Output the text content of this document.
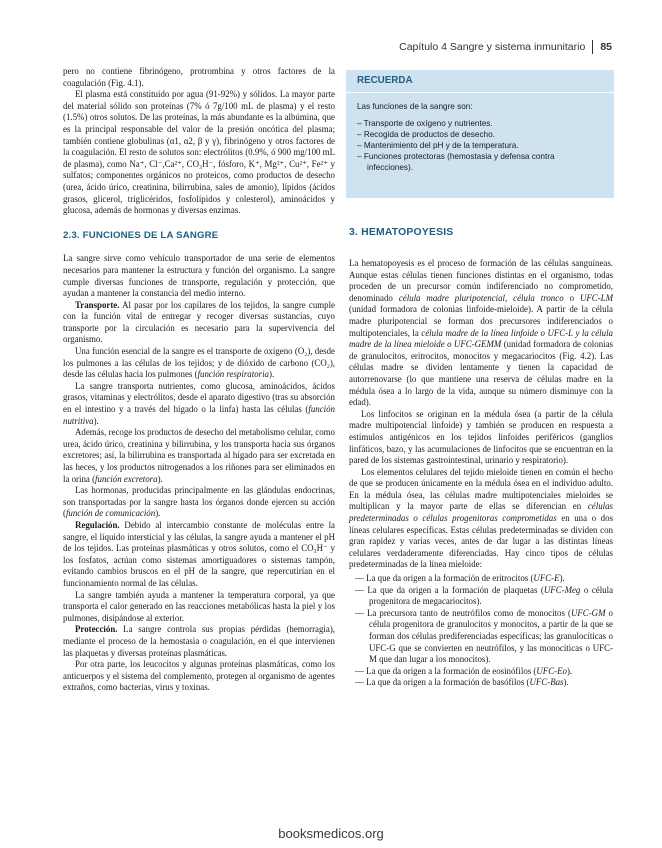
Capítulo 4 Sangre y sistema inmunitario 85

pero no contiene fibrinógeno, protrombina y otros factores de la coagulación (Fig. 4.1).

El plasma está constituido por agua (91-92%) y sólidos. La mayor parte del material sólido son proteínas (7% ó 7g/100 mL de plasma) y el resto (1.5%) otros solutos. De las proteínas, la más abundante es la albúmina, que es la principal responsable del valor de la presión oncótica del plasma; también contiene globulinas (α1, α2, β y γ), fibrinógeno y otros factores de la coagulación. El resto de solutos son: electrólitos (0.9%, ó 900 mg/100 mL de plasma), como Na⁺, Cl⁻,Ca²⁺, CO₃H⁻, fósforo, K⁺, Mg²⁺, Cu²⁺, Fe²⁺ y sulfatos; componentes orgánicos no proteicos, como productos de desecho (urea, ácido úrico, creatinina, bilirrubina, sales de amonio), lípidos (ácidos grasos, glicerol, triglicéridos, fosfolípidos y colesterol), aminoácidos y glucosa, además de hormonas y diversas enzimas.

2.3. FUNCIONES DE LA SANGRE

La sangre sirve como vehículo transportador de una serie de elementos necesarios para mantener la estructura y función del organismo. La sangre cumple diversas funciones de transporte, regulación y protección, que ayudan a mantener la constancia del medio interno.

Transporte. Al pasar por los capilares de los tejidos, la sangre cumple con la función vital de entregar y recoger diversas sustancias, cuyo transporte por la circulación es necesario para la supervivencia del organismo.

Una función esencial de la sangre es el transporte de oxígeno (O₂), desde los pulmones a las células de los tejidos; y de dióxido de carbono (CO₂), desde las células hacia los pulmones (función respiratoria).

La sangre transporta nutrientes, como glucosa, aminoácidos, ácidos grasos, vitaminas y electrólitos, desde el aparato digestivo (tras su absorción en el intestino y a través del hígado o la linfa) hasta las células (función nutritiva).

Además, recoge los productos de desecho del metabolismo celular, como urea, ácido úrico, creatinina y bilirrubina, y los transporta hacia sus órganos excretores; así, la bilirrubina es transportada al hígado para ser excretada en las heces, y los productos nitrogenados a los riñones para ser eliminados en la orina (función excretora).

Las hormonas, producidas principalmente en las glándulas endocrinas, son transportadas por la sangre hasta los órganos donde ejercen su acción (función de comunicación).

Regulación. Debido al intercambio constante de moléculas entre la sangre, el líquido intersticial y las células, la sangre ayuda a mantener el pH de los tejidos. Las proteínas plasmáticas y otros solutos, como el CO₃H⁻ y los fosfatos, actúan como sistemas amortiguadores o sistemas tampón, evitando cambios bruscos en el pH de la sangre, que repercutirían en el funcionamiento normal de las células.

La sangre también ayuda a mantener la temperatura corporal, ya que transporta el calor generado en las reacciones metabólicas hasta la piel y los pulmones, disipándose al exterior.

Protección. La sangre controla sus propias pérdidas (hemorragia), mediante el proceso de la hemostasia o coagulación, en el que intervienen las plaquetas y diversas proteínas plasmáticas.

Por otra parte, los leucocitos y algunas proteínas plasmáticas, como los anticuerpos y el sistema del complemento, protegen al organismo de agentes extraños, como bacterias, virus y toxinas.

RECUERDA
Las funciones de la sangre son:
– Transporte de oxígeno y nutrientes.
– Recogida de productos de desecho.
– Mantenimiento del pH y de la temperatura.
– Funciones protectoras (hemostasia y defensa contra infecciones).
3. HEMATOPOYESIS

La hematopoyesis es el proceso de formación de las células sanguíneas. Aunque estas células tienen funciones distintas en el organismo, todas proceden de un precursor común indiferenciado no comprometido, denominado célula madre pluripotencial, célula tronco o UFC-LM (unidad formadora de colonias linfoide-mieloide). A partir de la célula madre pluripotencial se forman dos precursores indiferenciados o multipotenciales, la célula madre de la línea linfoide o UFC-L y la célula madre de la línea mieloide o UFC-GEMM (unidad formadora de colonias de granulocitos, eritrocitos, monocitos y megacariocitos (Fig. 4.2). Las células madre se dividen lentamente y tienen la capacidad de autorrenovarse (lo que mantiene una reserva de células madre en la médula ósea a lo largo de la vida, aunque su número disminuye con la edad).

Los linfocitos se originan en la médula ósea (a partir de la célula madre multipotencial linfoide) y también se producen en respuesta a estímulos antigénicos en los tejidos linfoides periféricos (ganglios linfáticos, bazo, y las acumulaciones de linfocitos que se encuentran en la pared de los sistemas gastrointestinal, urinario y respiratorio).

Los elementos celulares del tejido mieloide tienen en común el hecho de que se producen únicamente en la médula ósea en el individuo adulto. En la médula ósea, las células madre multipotenciales mieloides se multiplican y la mayor parte de ellas se diferencian en células predeterminadas o células progenitoras comprometidas en una o dos líneas celulares específicas. Estas células predeterminadas se dividen con gran rapidez y varias veces, antes de dar lugar a las distintas líneas celulares verdaderamente diferenciadas. Hay cinco tipos de células predeterminadas de la línea mieloide:

— La que da origen a la formación de eritrocitos (UFC-E).
— La que da origen a la formación de plaquetas (UFC-Meg o célula progenitora de megacariocitos).
— La precursora tanto de neutrófilos como de monocitos (UFC-GM o célula progenitora de granulocitos y monocitos, a partir de la que se forman dos células prediferenciadas específicas; las granulocíticas o UFC-G que se convierten en neutrófilos, y las monocíticas o UFC-M que dan lugar a los monocitos).
— La que da origen a la formación de eosinófilos (UFC-Eo).
— La que da origen a la formación de basófilos (UFC-Bas).
booksmedicos.org
